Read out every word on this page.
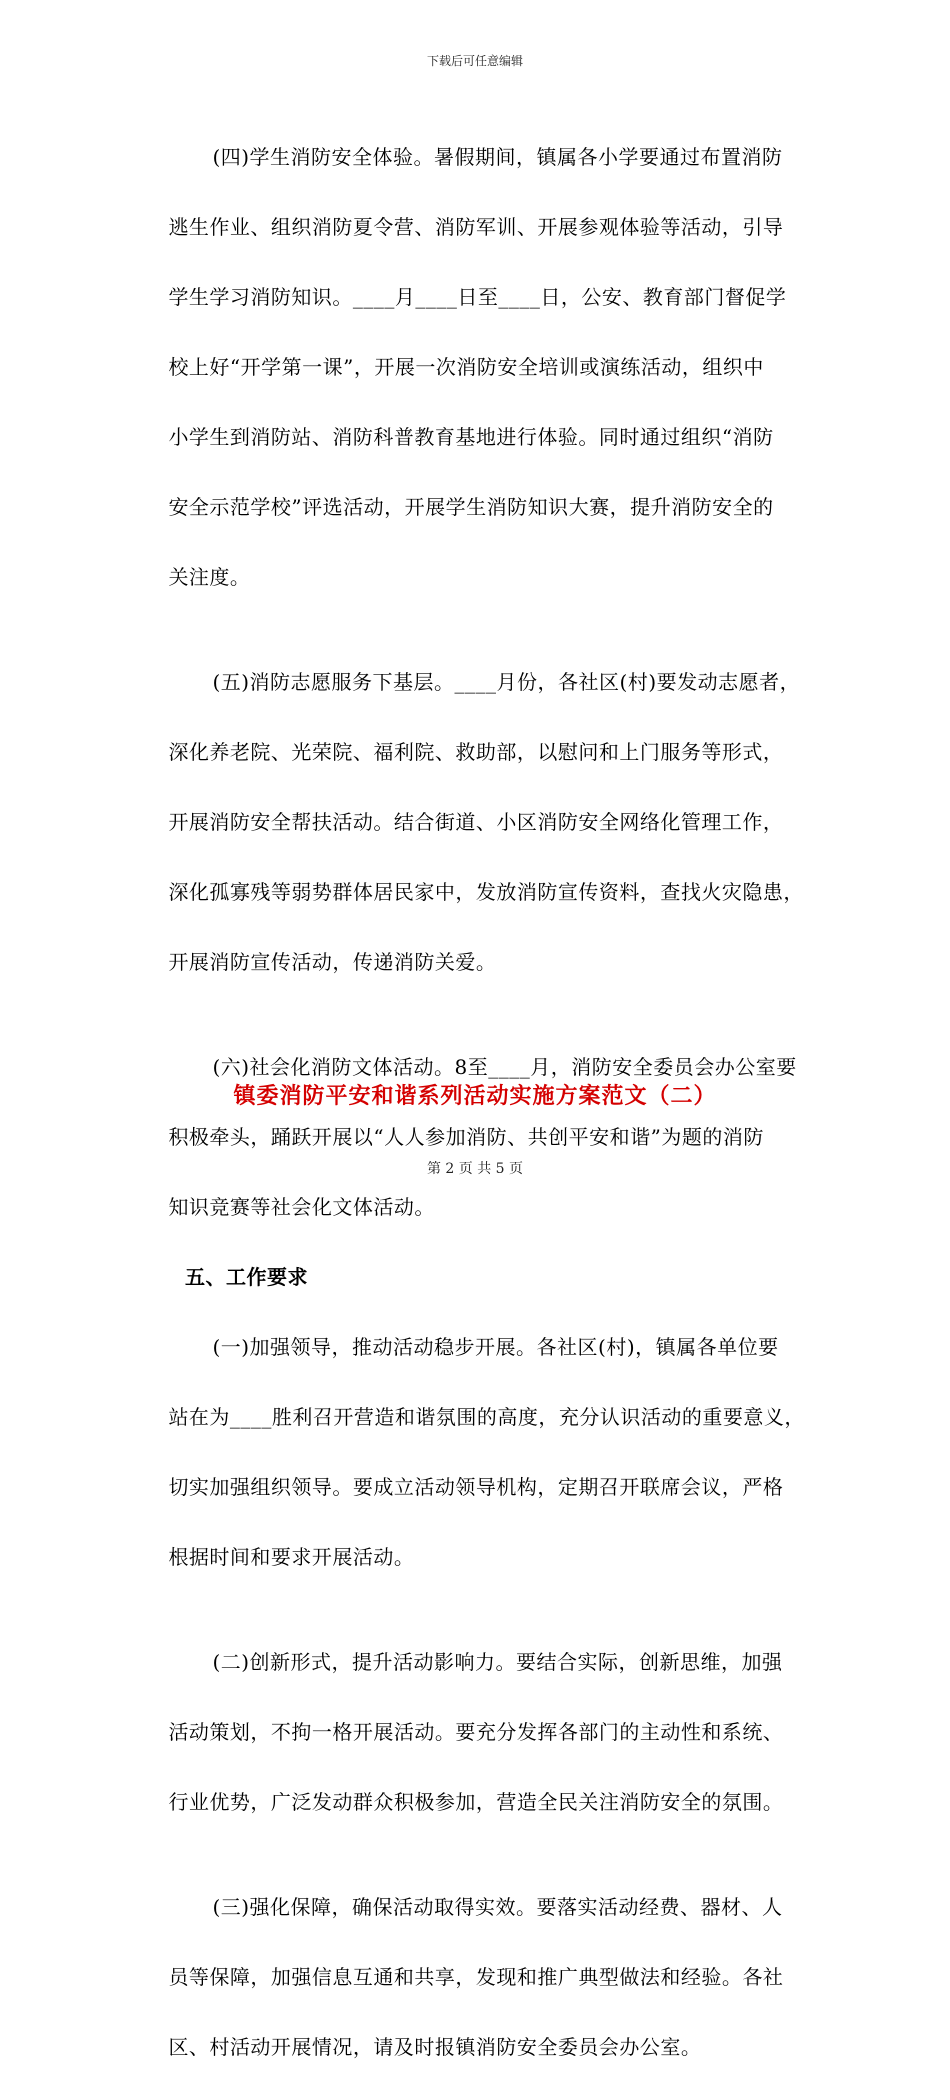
下载后可任意编辑

(四)学生消防安全体验。暑假期间，镇属各小学要通过布置消防

逃生作业、组织消防夏令营、消防军训、开展参观体验等活动，引导

学生学习消防知识。____月____日至____日，公安、教育部门督促学

校上好“开学第一课”，开展一次消防安全培训或演练活动，组织中

小学生到消防站、消防科普教育基地进行体验。同时通过组织“消防

安全示范学校”评选活动，开展学生消防知识大赛，提升消防安全的

关注度。

(五)消防志愿服务下基层。____月份，各社区(村)要发动志愿者，

深化养老院、光荣院、福利院、救助部，以慰问和上门服务等形式，

开展消防安全帮扶活动。结合街道、小区消防安全网络化管理工作，

深化孤寡残等弱势群体居民家中，发放消防宣传资料，查找火灾隐患，

开展消防宣传活动，传递消防关爱。

(六)社会化消防文体活动。8至____月，消防安全委员会办公室要

积极牵头，踊跃开展以“人人参加消防、共创平安和谐”为题的消防

知识竞赛等社会化文体活动。

五、工作要求

(一)加强领导，推动活动稳步开展。各社区(村)，镇属各单位要

站在为____胜利召开营造和谐氛围的高度，充分认识活动的重要意义，

切实加强组织领导。要成立活动领导机构，定期召开联席会议，严格

根据时间和要求开展活动。

(二)创新形式，提升活动影响力。要结合实际，创新思维，加强

活动策划，不拘一格开展活动。要充分发挥各部门的主动性和系统、

行业优势，广泛发动群众积极参加，营造全民关注消防安全的氛围。

(三)强化保障，确保活动取得实效。要落实活动经费、器材、人

员等保障，加强信息互通和共享，发现和推广典型做法和经验。各社

区、村活动开展情况，请及时报镇消防安全委员会办公室。

镇委消防平安和谐系列活动实施方案范文（二）
第 2 页 共 5 页
